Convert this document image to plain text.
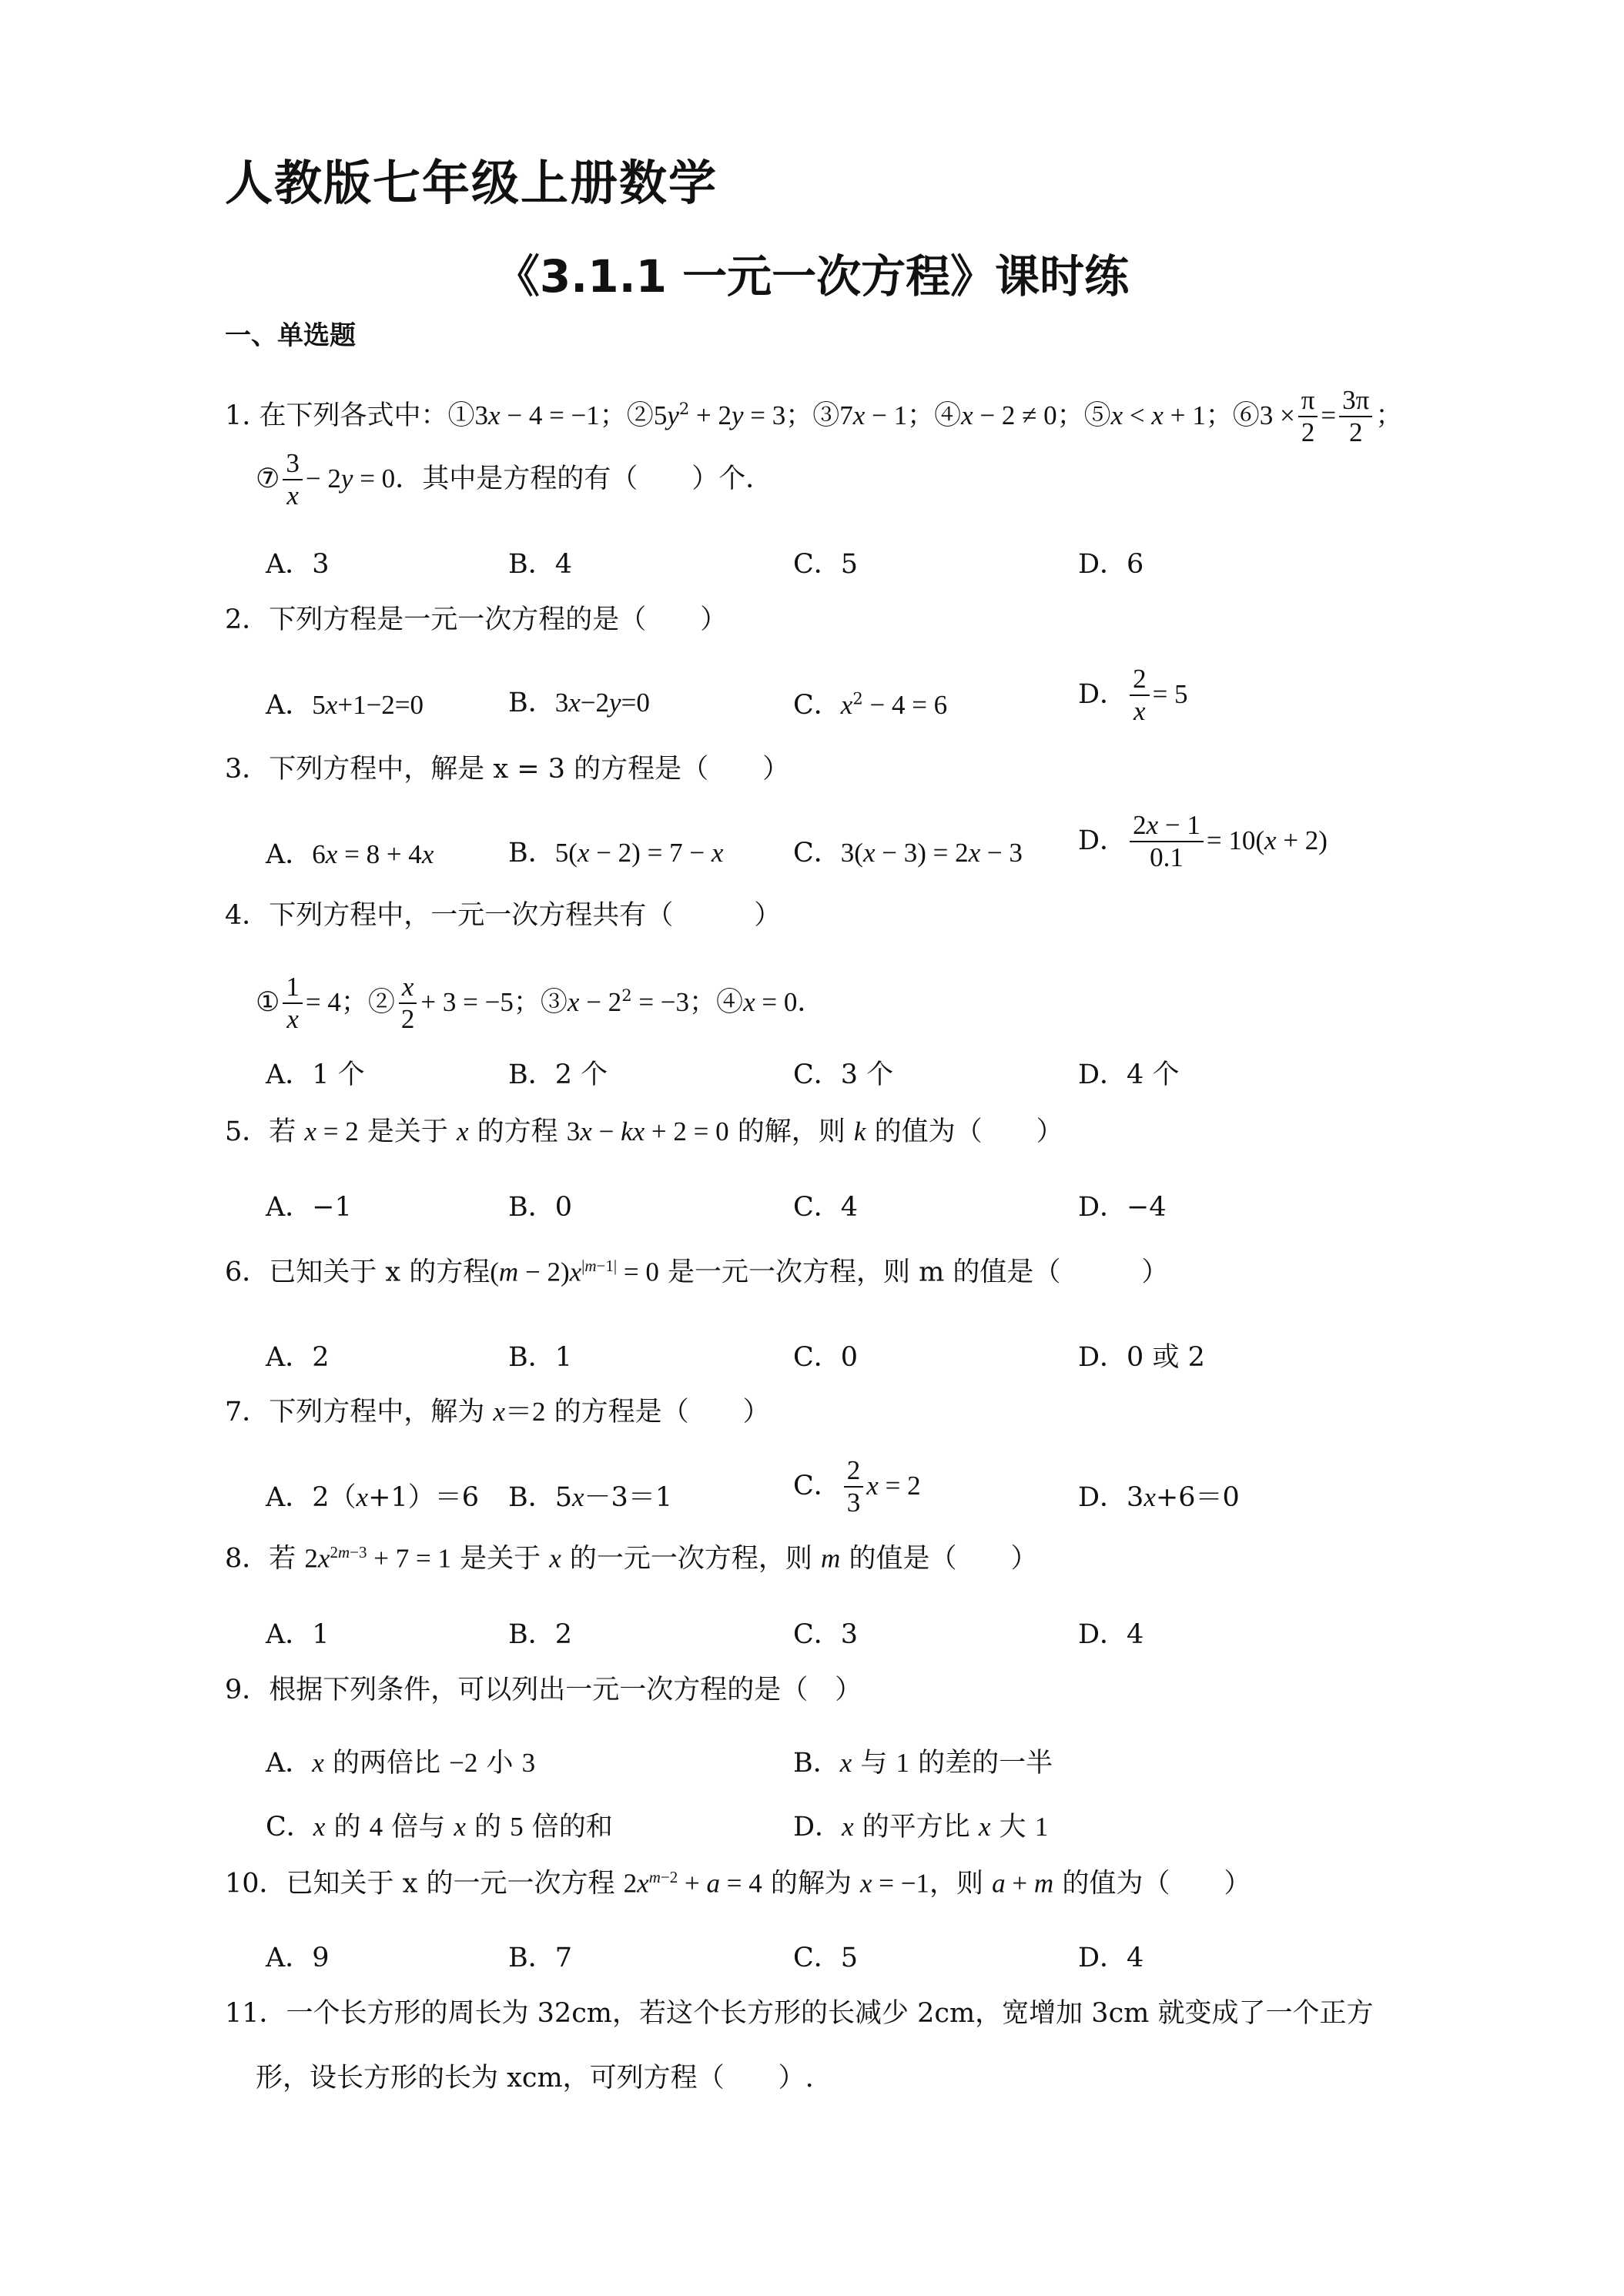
人教版七年级上册数学
《3.1.1 一元一次方程》课时练
一、单选题
1. 在下列各式中：①3x − 4 = −1；$②5y^2 + 2y = 3$；③7x − 1；④x − 2 ≠ 0；⑤x < x + 1；⑥3 × $\frac{\pi}{2} = \frac{3\pi}{2}$ ；
⑦ $\frac{3}{x} - 2y = 0$．其中是方程的有（　　）个．
A．3	B．4	C．5	D．6
2．下列方程是一元一次方程的是（　　）
A．5x+1−2=0	B．3x−2y=0	C．$x^2 - 4 = 6$	D． $\frac{2}{x} = 5$
3．下列方程中，解是 x = 3 的方程是（　　）
A．6x = 8 + 4x	B．5(x − 2) = 7 − x	C．3(x − 3) = 2x − 3 D． $\frac{2x - 1}{0.1} = 10(x + 2)$
4．下列方程中，一元一次方程共有（　　　）
① $\frac{1}{x} = 4$；② $\frac{x}{2} + 3 = -5$；③x − $2^2 = -3$；④x = 0．
A．1 个	B．2 个	C．3 个	D．4 个
5．若 x = 2 是关于 x 的方程 3x − kx + 2 = 0 的解，则 k 的值为（　　）
A．−1	B．0	C．4	D．−4
6．已知关于 x 的方程$(m - 2)x^{|m-1|} = 0$ 是一元一次方程，则 m 的值是（　　　）
A．2	B．1	C．0	D．0 或 2
7．下列方程中，解为 x＝2 的方程是（　　）
A．2（x+1）＝6 B．5x－3＝1	C． $\frac{2}{3}$ x = 2	D．3x+6＝0
8．若 $2x^{2m-3} + 7 = 1$ 是关于 x 的一元一次方程，则 m 的值是（　　）
A．1	B．2	C．3	D．4
9．根据下列条件，可以列出一元一次方程的是（　）
A．x 的两倍比 −2 小 3	B．x 与 1 的差的一半
C．x 的 4 倍与 x 的 5 倍的和	D．x 的平方比 x 大 1
10．已知关于 x 的一元一次方程 $2x^{m-2} + a = 4$ 的解为 x = −1，则 a + m 的值为（　　）
A．9	B．7	C．5	D．4
11．一个长方形的周长为 32cm，若这个长方形的长减少 2cm，宽增加 3cm 就变成了一个正方
形，设长方形的长为 xcm，可列方程（　　）.
